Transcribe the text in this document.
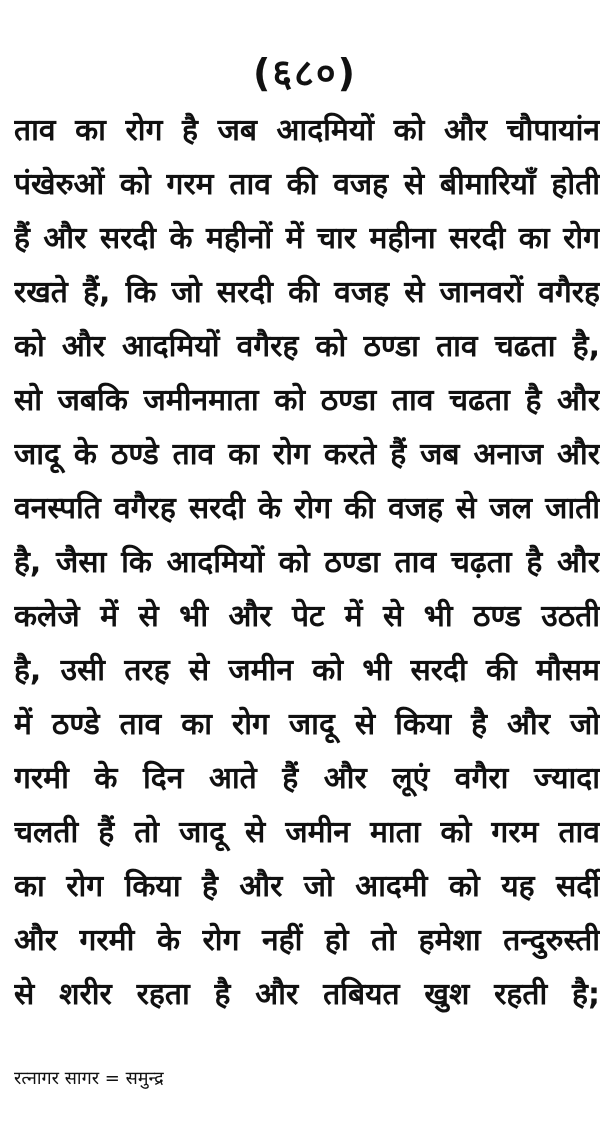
(६८०)
ताव का रोग है जब आदमियों को और चौपायांन
पंखेरुओं को गरम ताव की वजह से बीमारियाँ होती
हैं और सरदी के महीनों में चार महीना सरदी का रोग
रखते हैं, कि जो सरदी की वजह से जानवरों वगैरह
को और आदमियों वगैरह को ठण्डा ताव चढता है,
सो जबकि जमीनमाता को ठण्डा ताव चढता है और
जादू के ठण्डे ताव का रोग करते हैं जब अनाज और
वनस्पति वगैरह सरदी के रोग की वजह से जल जाती
है, जैसा कि आदमियों को ठण्डा ताव चढ़ता है और
कलेजे में से भी और पेट में से भी ठण्ड उठती
है, उसी तरह से जमीन को भी सरदी की मौसम
में ठण्डे ताव का रोग जादू से किया है और जो
गरमी के दिन आते हैं और लूएं वगैरा ज्यादा
चलती हैं तो जादू से जमीन माता को गरम ताव
का रोग किया है और जो आदमी को यह सर्दी
और गरमी के रोग नहीं हो तो हमेशा तन्दुरुस्ती
से शरीर रहता है और तबियत खुश रहती है;
रत्नागर सागर = समुन्द्र
